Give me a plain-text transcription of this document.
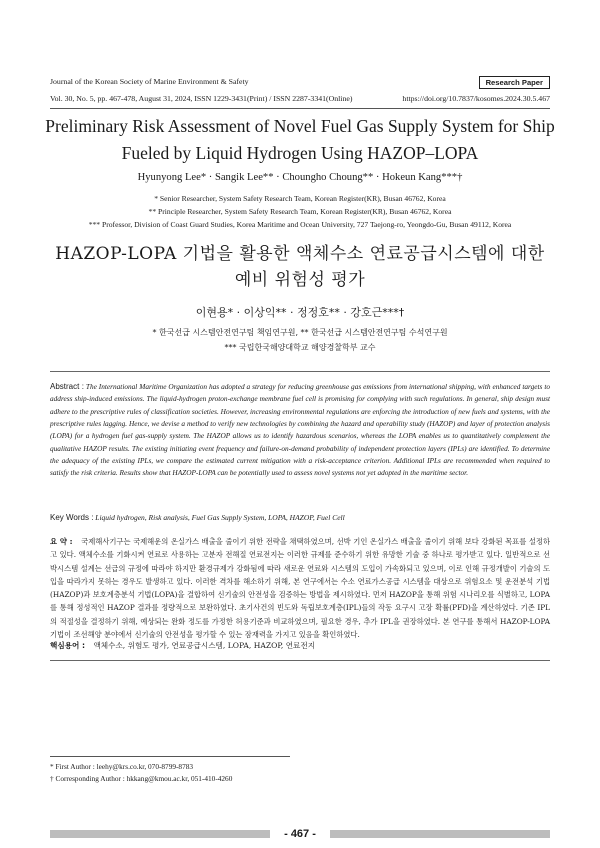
Journal of the Korean Society of Marine Environment & Safety	Research Paper
Vol. 30, No. 5, pp. 467-478, August 31, 2024, ISSN 1229-3431(Print) / ISSN 2287-3341(Online)	https://doi.org/10.7837/kosomes.2024.30.5.467
Preliminary Risk Assessment of Novel Fuel Gas Supply System for Ship
Fueled by Liquid Hydrogen Using HAZOP–LOPA
Hyunyong Lee* · Sangik Lee** · Choungho Choung** · Hokeun Kang***†
* Senior Researcher, System Safety Research Team, Korean Register(KR), Busan 46762, Korea
** Principle Researcher, System Safety Research Team, Korean Register(KR), Busan 46762, Korea
*** Professor, Division of Coast Guard Studies, Korea Maritime and Ocean University, 727 Taejong-ro, Yeongdo-Gu, Busan 49112, Korea
HAZOP-LOPA 기법을 활용한 액체수소 연료공급시스템에 대한
예비 위험성 평가
이현용* · 이상익** · 정정호** · 강호근***†
* 한국선급 시스템안전연구팀 책임연구원, ** 한국선급 시스템안전연구팀 수석연구원
*** 국립한국해양대학교 해양경찰학부 교수
Abstract : The International Maritime Organization has adopted a strategy for reducing greenhouse gas emissions from international shipping, with enhanced targets to address ship-induced emissions. The liquid-hydrogen proton-exchange membrane fuel cell is promising for complying with such regulations. In general, ship design must adhere to the prescriptive rules of classification societies. However, increasing environmental regulations are enforcing the introduction of new fuels and systems, with the prescriptive rules lagging. Hence, we devise a method to verify new technologies by combining the hazard and operability study (HAZOP) and layer of protection analysis (LOPA) for a hydrogen fuel gas-supply system. The HAZOP allows us to identify hazardous scenarios, whereas the LOPA enables us to quantitatively complement the qualitative HAZOP results. The existing initiating event frequency and failure-on-demand probability of independent protection layers (IPLs) are identified. To determine the adequacy of the existing IPLs, we compare the estimated current mitigation with a risk-acceptance criterion. Additional IPLs are recommended when required to satisfy the risk criteria. Results show that HAZOP-LOPA can be potentially used to assess novel systems not yet adopted in the maritime sector.
Key Words : Liquid hydrogen, Risk analysis, Fuel Gas Supply System, LOPA, HAZOP, Fuel Cell
요 약 : 국제해사기구는 국제해운의 온실가스 배출을 줄이기 위한 전략을 채택하였으며, 선박 기인 온실가스 배출을 줄이기 위해 보다 강화된 목표를 설정하고 있다. 액체수소를 기화시켜 연료로 사용하는 고분자 전해질 연료전지는 이러한 규제를 준수하기 위한 유망한 기술 중 하나로 평가받고 있다. 일반적으로 선박시스템 설계는 선급의 규정에 따라야 하지만 환경규제가 강화됨에 따라 새로운 연료와 시스템의 도입이 가속화되고 있으며, 이로 인해 규정개발이 기술의 도입을 따라가지 못하는 경우도 발생하고 있다. 이러한 격차를 해소하기 위해, 본 연구에서는 수소 연료가스공급 시스템을 대상으로 위험요소 및 운전분석 기법(HAZOP)과 보호계층분석 기법(LOPA)을 결합하여 신기술의 안전성을 검증하는 방법을 제시하였다. 먼저 HAZOP을 통해 위험 시나리오를 식별하고, LOPA를 통해 정성적인 HAZOP 결과를 정량적으로 보완하였다. 초기사건의 빈도와 독립보호계층(IPL)들의 작동 요구시 고장 확률(PFD)을 계산하였다. 기존 IPL의 적절성을 결정하기 위해, 예상되는 완화 정도를 가정한 허용기준과 비교하였으며, 필요한 경우, 추가 IPL을 권장하였다. 본 연구를 통해서 HAZOP-LOPA 기법이 조선해양 분야에서 신기술의 안전성을 평가할 수 있는 잠재력을 가지고 있음을 확인하였다.
핵심용어 : 액체수소, 위험도 평가, 연료공급시스템, LOPA, HAZOP, 연료전지
* First Author : leehy@krs.co.kr, 070-8799-8783
† Corresponding Author : hkkang@kmou.ac.kr, 051-410-4260
- 467 -
